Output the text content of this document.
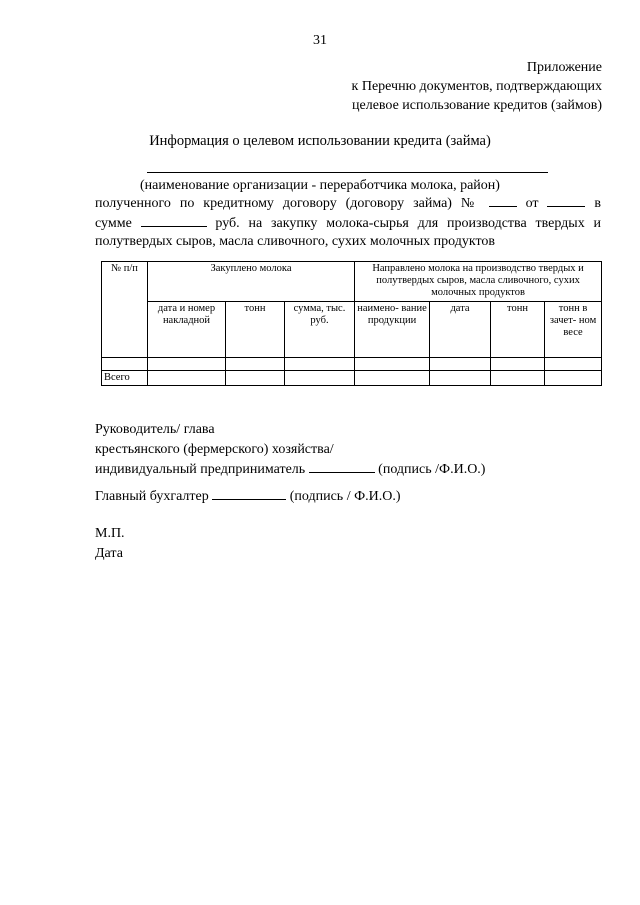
31
Приложение
к Перечню документов, подтверждающих
целевое использование кредитов (займов)
Информация о целевом использовании кредита (займа)
(наименование организации - переработчика молока, район)
полученного по кредитному договору (договору займа) №	от	в
сумме	руб. на закупку молока-сырья для производства твердых и
полутвердых сыров, масла сливочного, сухих молочных продуктов
№ п/п	Закуплено молока			Направлено молока на производство твердых и полутвердых сыров, масла сливочного, сухих молочных продуктов			
	дата и номер накладной	тонн	сумма, тыс. руб.	наимено- вание продукции	дата	тонн	тонн в зачет- ном весе

Всего							
Руководитель/ глава
крестьянского (фермерского) хозяйства/
индивидуальный предприниматель	(подпись /Ф.И.О.)
Главный бухгалтер	(подпись / Ф.И.О.)
М.П.
Дата
